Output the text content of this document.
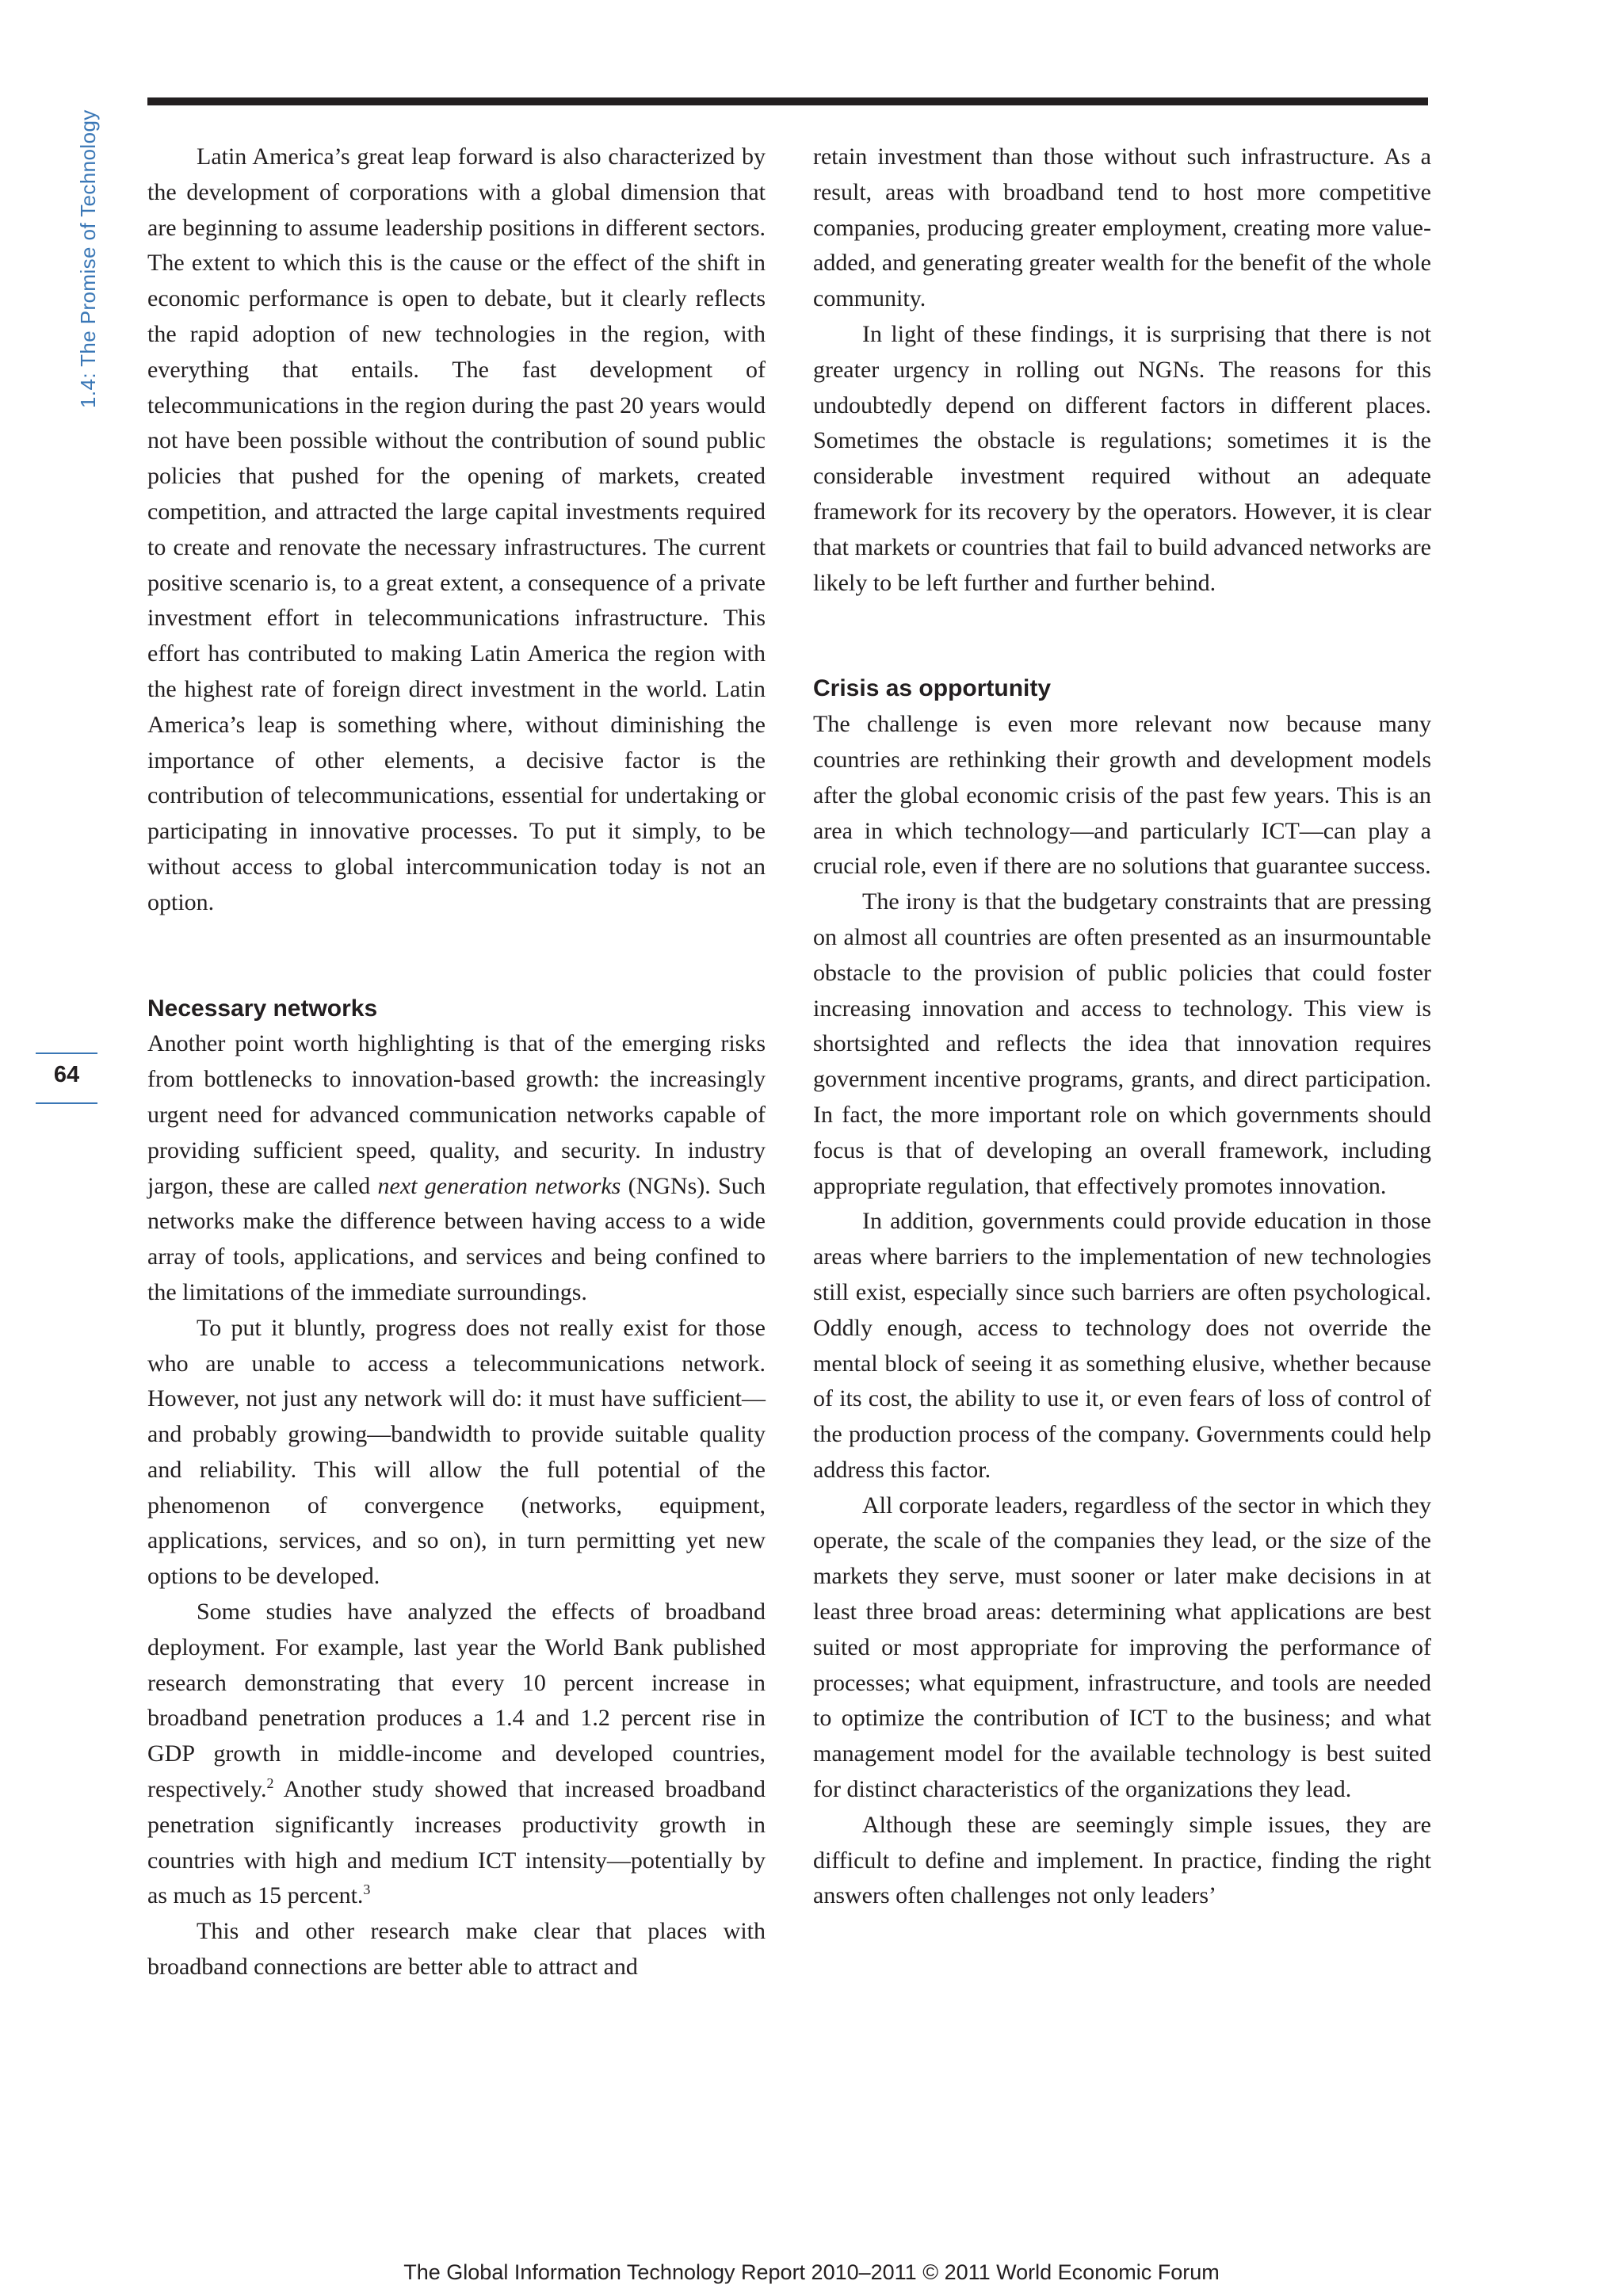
1.4: The Promise of Technology
64

Latin America’s great leap forward is also characterized by the development of corporations with a global dimension that are beginning to assume leadership positions in different sectors. The extent to which this is the cause or the effect of the shift in economic performance is open to debate, but it clearly reflects the rapid adoption of new technologies in the region, with everything that entails. The fast development of telecommunications in the region during the past 20 years would not have been possible without the contribution of sound public policies that pushed for the opening of markets, created competition, and attracted the large capital investments required to create and renovate the necessary infrastructures. The current positive scenario is, to a great extent, a consequence of a private investment effort in telecommunications infrastructure. This effort has contributed to making Latin America the region with the highest rate of foreign direct investment in the world. Latin America’s leap is something where, without diminishing the importance of other elements, a decisive factor is the contribution of telecommunications, essential for undertaking or participating in innovative processes. To put it simply, to be without access to global intercommunication today is not an option.

Necessary networks

Another point worth highlighting is that of the emerging risks from bottlenecks to innovation-based growth: the increasingly urgent need for advanced communication networks capable of providing sufficient speed, quality, and security. In industry jargon, these are called next generation networks (NGNs). Such networks make the difference between having access to a wide array of tools, applications, and services and being confined to the limitations of the immediate surroundings.

To put it bluntly, progress does not really exist for those who are unable to access a telecommunications network. However, not just any network will do: it must have sufficient—and probably growing—bandwidth to provide suitable quality and reliability. This will allow the full potential of the phenomenon of convergence (networks, equipment, applications, services, and so on), in turn permitting yet new options to be developed.

Some studies have analyzed the effects of broadband deployment. For example, last year the World Bank published research demonstrating that every 10 percent increase in broadband penetration produces a 1.4 and 1.2 percent rise in GDP growth in middle-income and developed countries, respectively.$^2$ Another study showed that increased broadband penetration significantly increases productivity growth in countries with high and medium ICT intensity—potentially by as much as 15 percent.$^3$

This and other research make clear that places with broadband connections are better able to attract and

retain investment than those without such infrastructure. As a result, areas with broadband tend to host more competitive companies, producing greater employment, creating more value-added, and generating greater wealth for the benefit of the whole community.

In light of these findings, it is surprising that there is not greater urgency in rolling out NGNs. The reasons for this undoubtedly depend on different factors in different places. Sometimes the obstacle is regulations; sometimes it is the considerable investment required without an adequate framework for its recovery by the operators. However, it is clear that markets or countries that fail to build advanced networks are likely to be left further and further behind.

Crisis as opportunity

The challenge is even more relevant now because many countries are rethinking their growth and development models after the global economic crisis of the past few years. This is an area in which technology—and particularly ICT—can play a crucial role, even if there are no solutions that guarantee success.

The irony is that the budgetary constraints that are pressing on almost all countries are often presented as an insurmountable obstacle to the provision of public policies that could foster increasing innovation and access to technology. This view is shortsighted and reflects the idea that innovation requires government incentive programs, grants, and direct participation. In fact, the more important role on which governments should focus is that of developing an overall framework, including appropriate regulation, that effectively promotes innovation.

In addition, governments could provide education in those areas where barriers to the implementation of new technologies still exist, especially since such barriers are often psychological. Oddly enough, access to technology does not override the mental block of seeing it as something elusive, whether because of its cost, the ability to use it, or even fears of loss of control of the production process of the company. Governments could help address this factor.

All corporate leaders, regardless of the sector in which they operate, the scale of the companies they lead, or the size of the markets they serve, must sooner or later make decisions in at least three broad areas: determining what applications are best suited or most appropriate for improving the performance of processes; what equipment, infrastructure, and tools are needed to optimize the contribution of ICT to the business; and what management model for the available technology is best suited for distinct characteristics of the organizations they lead.

Although these are seemingly simple issues, they are difficult to define and implement. In practice, finding the right answers often challenges not only leaders’

The Global Information Technology Report 2010–2011 © 2011 World Economic Forum
